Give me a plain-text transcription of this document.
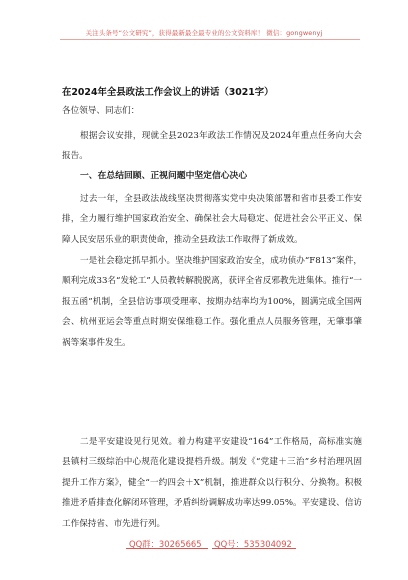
关注头条号“公文研究”，获得最新最全最专业的公文资料库！ 微信：gongwenyj
在2024年全县政法工作会议上的讲话（3021字）
各位领导、同志们：
根据会议安排，现就全县2023年政法工作情况及2024年重点任务向大会报告。
一、在总结回顾、正视问题中坚定信心决心
过去一年，全县政法战线坚决贯彻落实党中央决策部署和省市县委工作安排，全力履行维护国家政治安全、确保社会大局稳定、促进社会公平正义、保障人民安居乐业的职责使命，推动全县政法工作取得了新成效。
一是社会稳定抓早抓小。坚决维护国家政治安全，成功侦办“F813”案件，顺利完成33名“发轮工”人员教转解脱脱离，获评全省反邪教先进集体。推行“一报五函”机制，全县信访事项受理率、按期办结率均为100%，圆满完成全国两会、杭州亚运会等重点时期安保维稳工作。强化重点人员服务管理，无肇事肇祸等案事件发生。
二是平安建设见行见效。着力构建平安建设“164”工作格局，高标准实施县镇村三级综治中心规范化建设提档升级。制发《“党建＋三治”乡村治理巩固提升工作方案》，健全“一约四会＋X”机制，推进群众以行积分、分换物。积极推进矛盾排查化解闭环管理，矛盾纠纷调解成功率达99.05%。平安建设、信访工作保持省、市先进行列。
QQ群：30265665 QQ号：535304092
